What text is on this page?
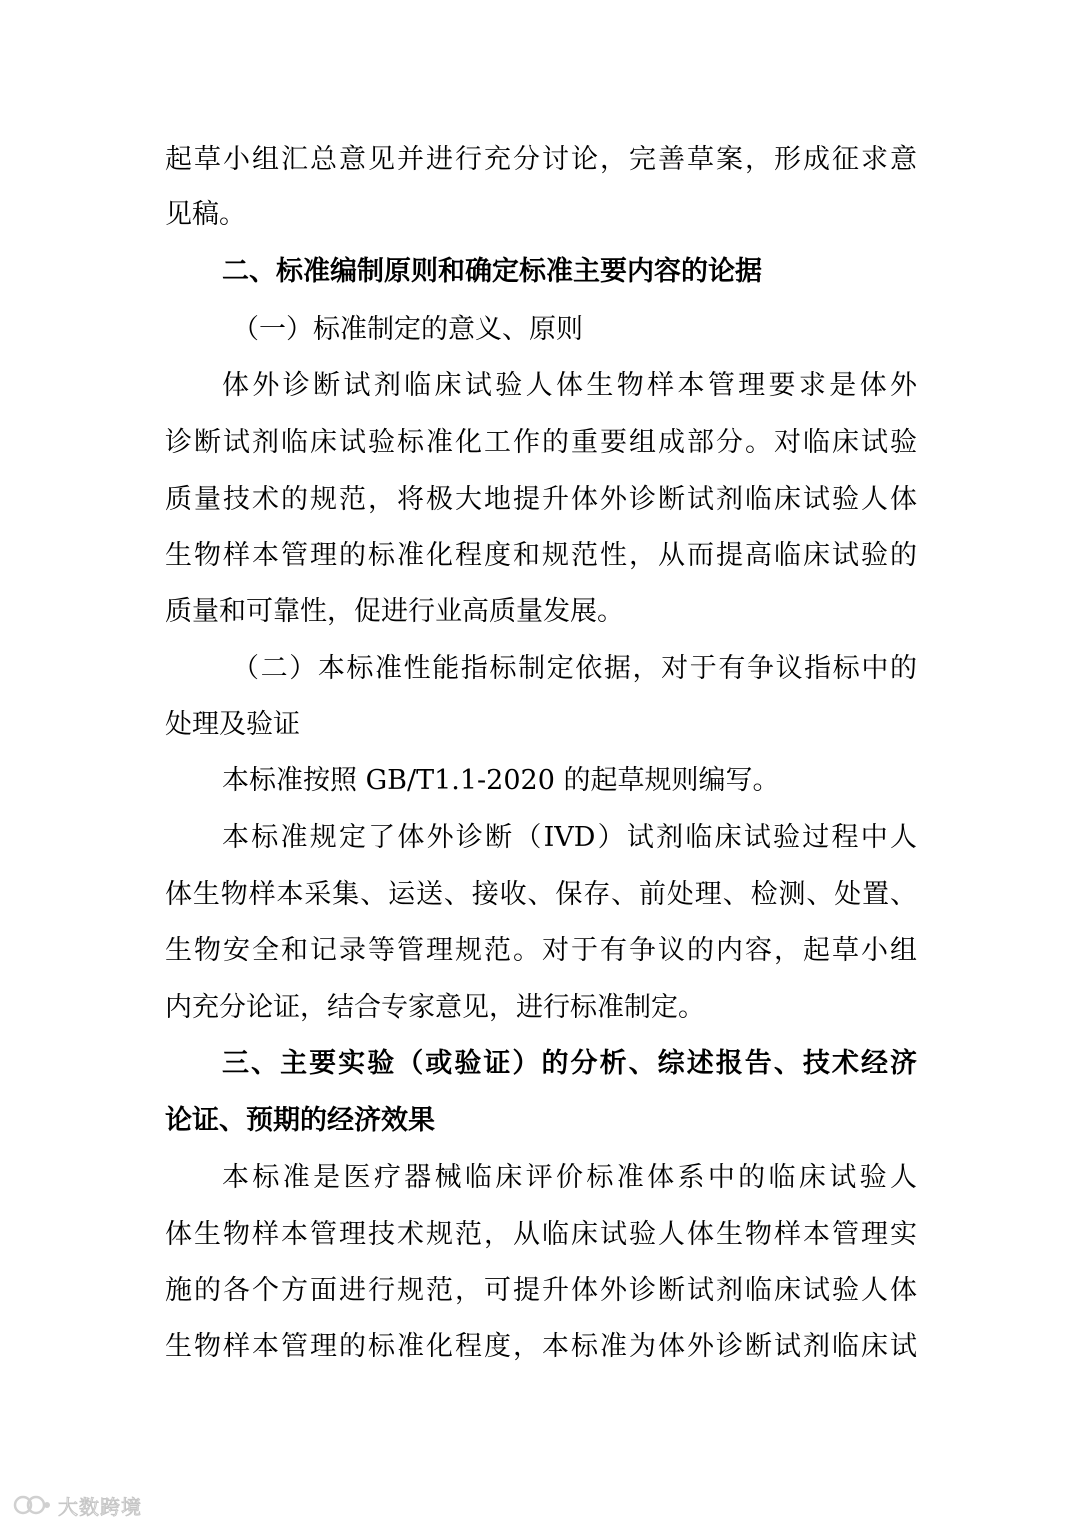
起草小组汇总意见并进行充分讨论，完善草案，形成征求意
见稿。
二、标准编制原则和确定标准主要内容的论据
（一）标准制定的意义、原则
体外诊断试剂临床试验人体生物样本管理要求是体外
诊断试剂临床试验标准化工作的重要组成部分。对临床试验
质量技术的规范，将极大地提升体外诊断试剂临床试验人体
生物样本管理的标准化程度和规范性，从而提高临床试验的
质量和可靠性，促进行业高质量发展。
（二）本标准性能指标制定依据，对于有争议指标中的
处理及验证
本标准按照 GB/T1.1-2020 的起草规则编写。
本标准规定了体外诊断（IVD）试剂临床试验过程中人
体生物样本采集、运送、接收、保存、前处理、检测、处置、
生物安全和记录等管理规范。对于有争议的内容，起草小组
内充分论证，结合专家意见，进行标准制定。
三、主要实验（或验证）的分析、综述报告、技术经济
论证、预期的经济效果
本标准是医疗器械临床评价标准体系中的临床试验人
体生物样本管理技术规范，从临床试验人体生物样本管理实
施的各个方面进行规范，可提升体外诊断试剂临床试验人体
生物样本管理的标准化程度，本标准为体外诊断试剂临床试
大数跨境
